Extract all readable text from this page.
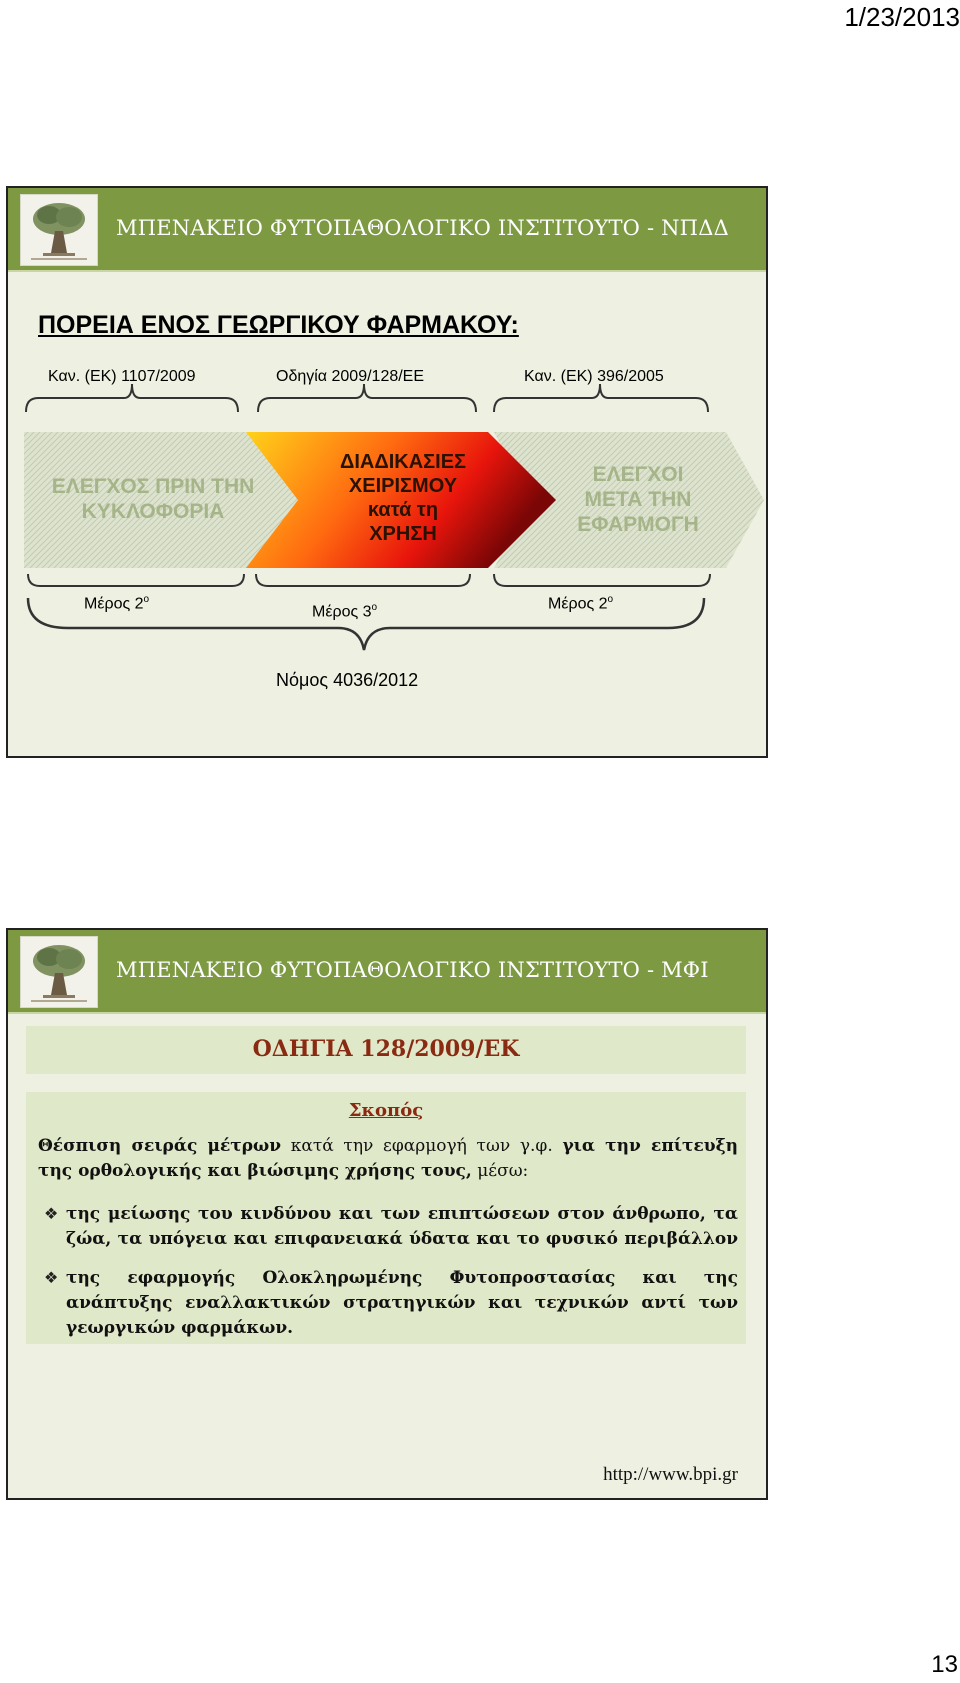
1/23/2013
ΜΠΕΝΑΚΕΙΟ ΦΥΤΟΠΑΘΟΛΟΓΙΚΟ ΙΝΣΤΙΤΟΥΤΟ - ΝΠΔΔ
ΠΟΡΕΙΑ ΕΝΟΣ ΓΕΩΡΓΙΚΟΥ ΦΑΡΜΑΚΟΥ:
Καν. (ΕΚ) 1107/2009	Οδηγία 2009/128/ΕΕ	Καν. (ΕΚ) 396/2005
ΕΛΕΓΧΟΣ ΠΡΙΝ ΤΗΝ
ΚΥΚΛΟΦΟΡΙΑ
ΔΙΑΔΙΚΑΣΙΕΣ
ΧΕΙΡΙΣΜΟΥ
κατά τη
ΧΡΗΣΗ
ΕΛΕΓΧΟΙ
ΜΕΤΑ ΤΗΝ
ΕΦΑΡΜΟΓΗ
Μέρος $2^o$
Μέρος $3^o$	Μέρος $2^o$
Νόμος 4036/2012
ΜΠΕΝΑΚΕΙΟ ΦΥΤΟΠΑΘΟΛΟΓΙΚΟ ΙΝΣΤΙΤΟΥΤΟ - ΜΦΙ
ΟΔΗΓΙΑ 128/2009/ΕΚ
Σκοπός
Θέσπιση σειράς μέτρων κατά την εφαρμογή των γ.φ. για την επίτευξη
της ορθολογικής και βιώσιμης χρήσης τους, μέσω:
❖ της μείωσης του κινδύνου και των επιπτώσεων στον άνθρωπο, τα
ζώα, τα υπόγεια και επιφανειακά ύδατα και το φυσικό περιβάλλον
❖ της εφαρμογής Ολοκληρωμένης Φυτοπροστασίας και της
ανάπτυξης εναλλακτικών στρατηγικών και τεχνικών αντί των
γεωργικών φαρμάκων.
http://www.bpi.gr
13
